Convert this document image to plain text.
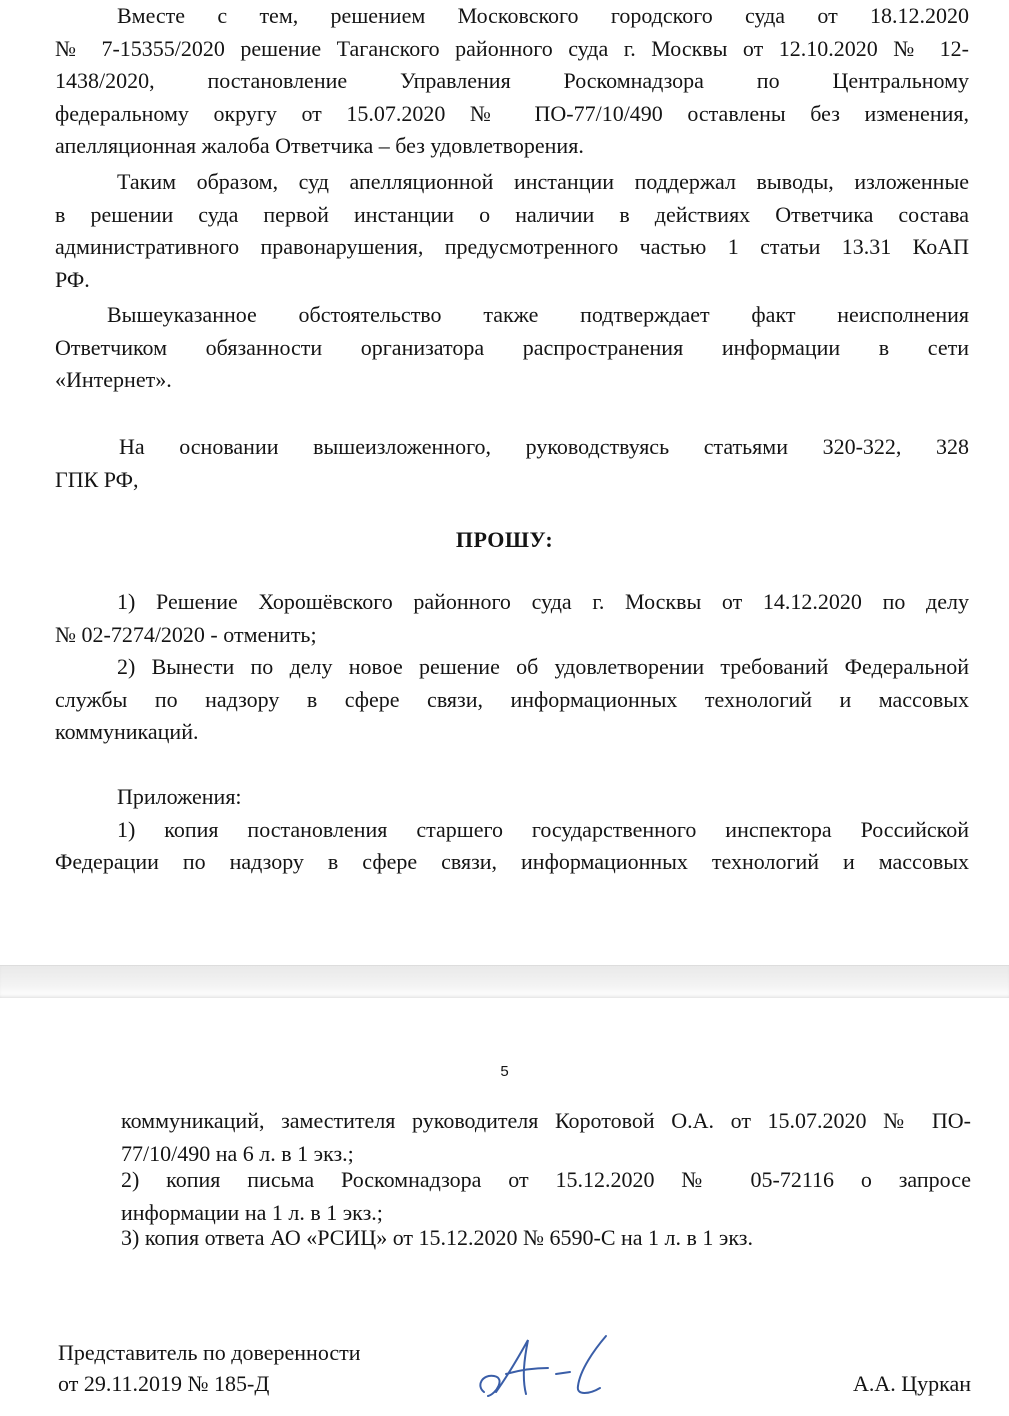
Вместе с тем, решением Московского городского суда от 18.12.2020
№ 7-15355/2020 решение Таганского районного суда г. Москвы от 12.10.2020 № 12-
1438/2020, постановление Управления Роскомнадзора по Центральному
федеральному округу от 15.07.2020 № ПО-77/10/490 оставлены без изменения,
апелляционная жалоба Ответчика – без удовлетворения.

Таким образом, суд апелляционной инстанции поддержал выводы, изложенные
в решении суда первой инстанции о наличии в действиях Ответчика состава
административного правонарушения, предусмотренного частью 1 статьи 13.31 КоАП
РФ.

Вышеуказанное обстоятельство также подтверждает факт неисполнения
Ответчиком обязанности организатора распространения информации в сети
«Интернет».

На основании вышеизложенного, руководствуясь статьями 320-322, 328
ГПК РФ,

ПРОШУ:

1) Решение Хорошёвского районного суда г. Москвы от 14.12.2020 по делу
№ 02-7274/2020 - отменить;

2) Вынести по делу новое решение об удовлетворении требований Федеральной
службы по надзору в сфере связи, информационных технологий и массовых
коммуникаций.

Приложения:
1) копия постановления старшего государственного инспектора Российской
Федерации по надзору в сфере связи, информационных технологий и массовых

5

коммуникаций, заместителя руководителя Коротовой О.А. от 15.07.2020 № ПО-
77/10/490 на 6 л. в 1 экз.;

2) копия письма Роскомнадзора от 15.12.2020 № 05-72116 о запросе
информации на 1 л. в 1 экз.;

3) копия ответа АО «РСИЦ» от 15.12.2020 № 6590-С на 1 л. в 1 экз.

Представитель по доверенности
от 29.11.2019 № 185-Д	А.А. Цуркан
